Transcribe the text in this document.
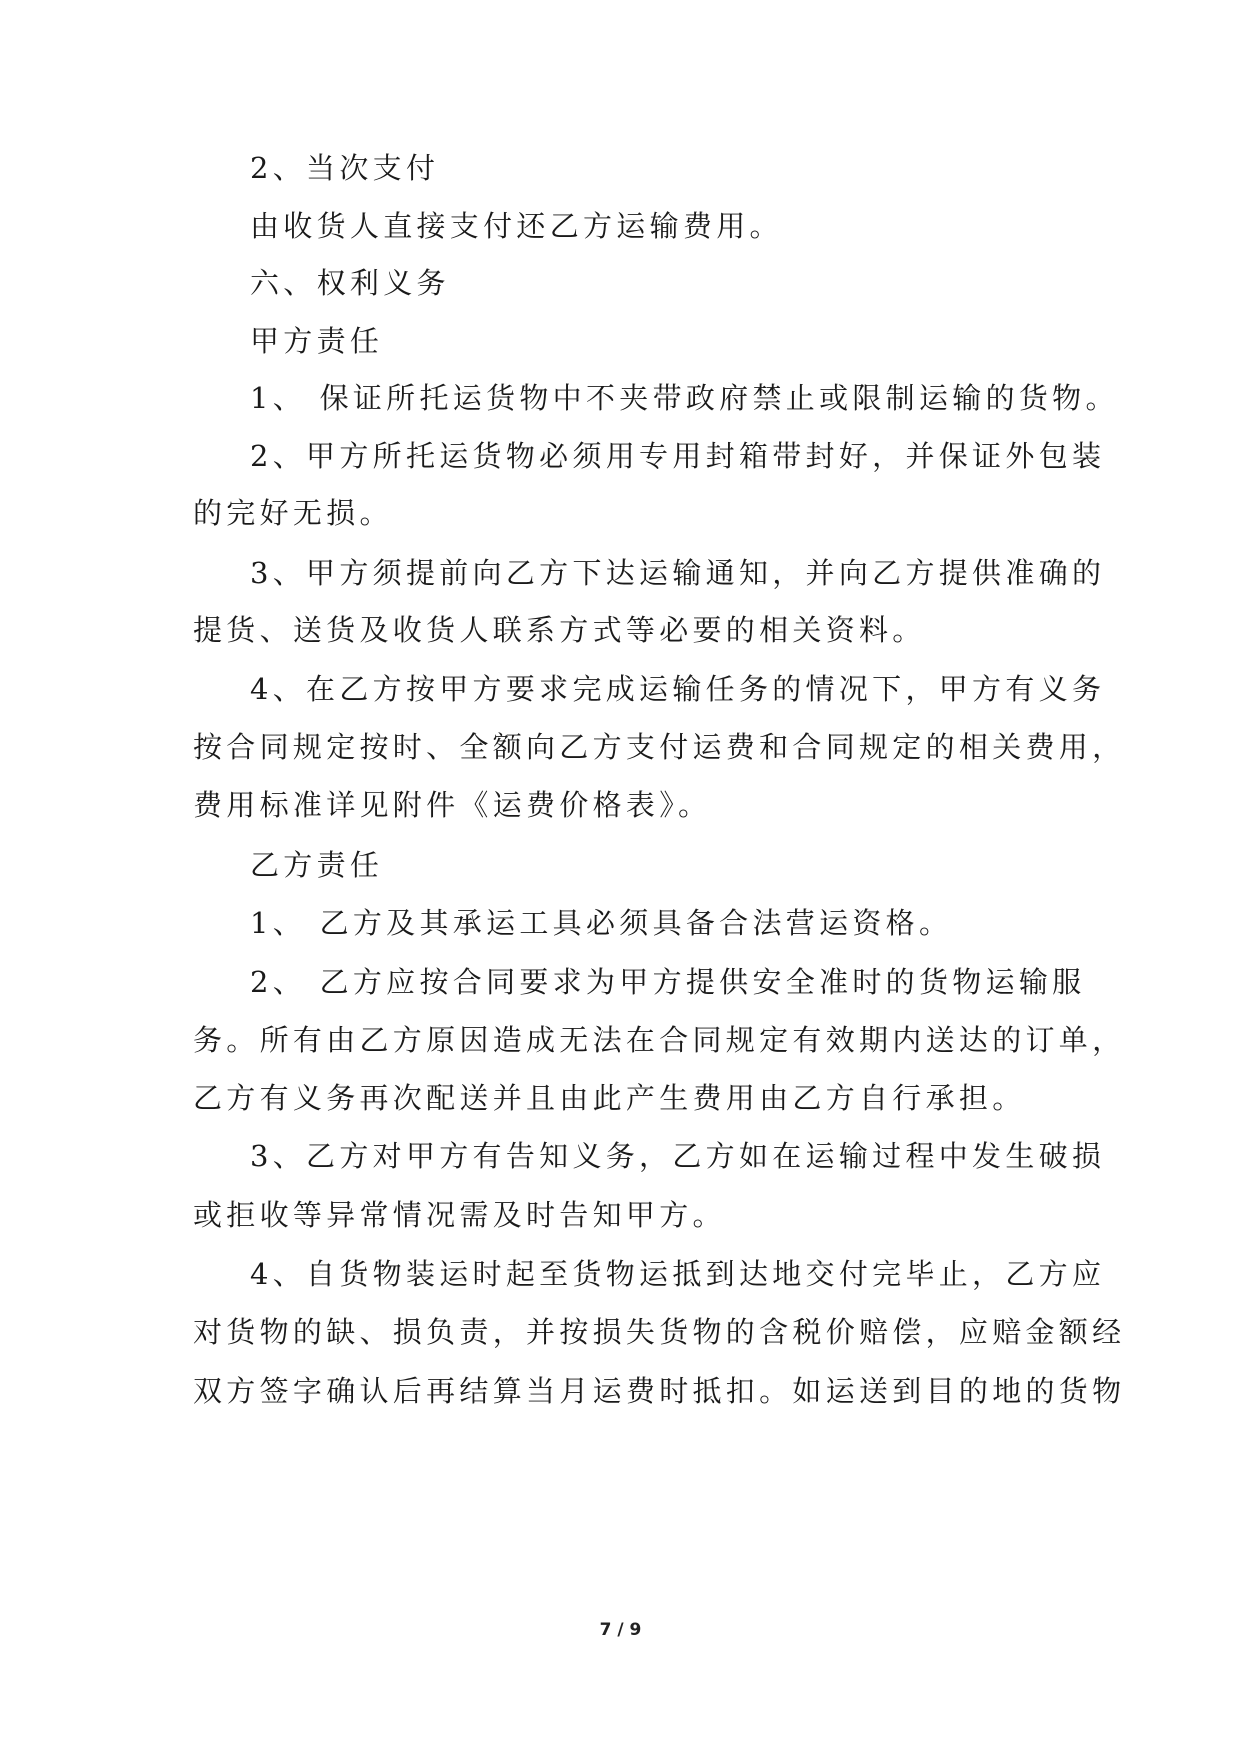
2、当次支付
由收货人直接支付还乙方运输费用。
六、权利义务
甲方责任
1、 保证所托运货物中不夹带政府禁止或限制运输的货物。
2、甲方所托运货物必须用专用封箱带封好，并保证外包装
的完好无损。
3、甲方须提前向乙方下达运输通知，并向乙方提供准确的
提货、送货及收货人联系方式等必要的相关资料。
4、在乙方按甲方要求完成运输任务的情况下，甲方有义务
按合同规定按时、全额向乙方支付运费和合同规定的相关费用，
费用标准详见附件《运费价格表》。
乙方责任
1、 乙方及其承运工具必须具备合法营运资格。
2、 乙方应按合同要求为甲方提供安全准时的货物运输服
务。所有由乙方原因造成无法在合同规定有效期内送达的订单，
乙方有义务再次配送并且由此产生费用由乙方自行承担。
3、乙方对甲方有告知义务，乙方如在运输过程中发生破损
或拒收等异常情况需及时告知甲方。
4、自货物装运时起至货物运抵到达地交付完毕止，乙方应
对货物的缺、损负责，并按损失货物的含税价赔偿，应赔金额经
双方签字确认后再结算当月运费时抵扣。如运送到目的地的货物
7 / 9
